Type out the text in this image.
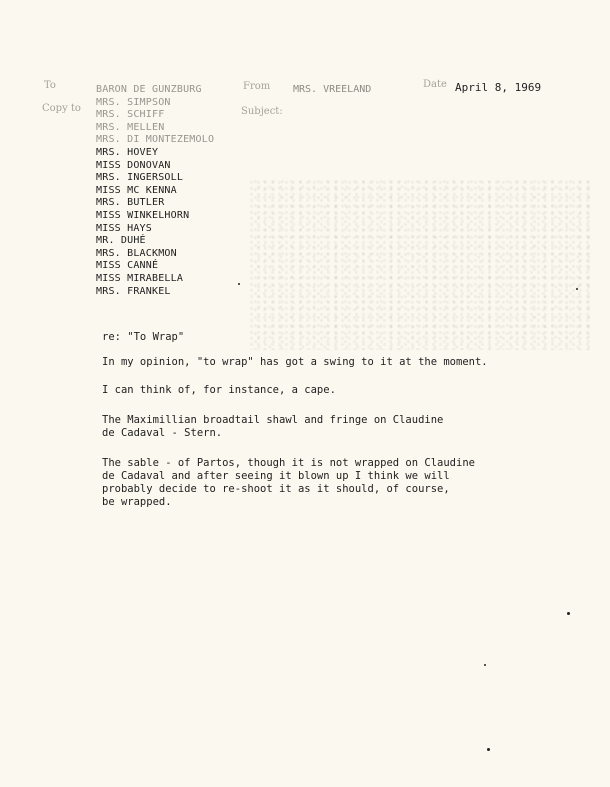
To
Copy to
From
Subject:
Date
MRS. VREELAND	April 8, 1969
BARON DE GUNZBURG
MRS. SIMPSON
MRS. SCHIFF
MRS. MELLEN
MRS. DI MONTEZEMOLO
MRS. HOVEY
MISS DONOVAN
MRS. INGERSOLL
MISS MC KENNA
MRS. BUTLER
MISS WINKELHORN
MISS HAYS
MR. DUHÉ
MRS. BLACKMON
MISS CANNÉ
MISS MIRABELLA
MRS. FRANKEL

re: "To Wrap"

In my opinion, "to wrap" has got a swing to it at the moment.

I can think of, for instance, a cape.

The Maximillian broadtail shawl and fringe on Claudine
de Cadaval - Stern.

The sable - of Partos, though it is not wrapped on Claudine
de Cadaval and after seeing it blown up I think we will
probably decide to re-shoot it as it should, of course,
be wrapped.
